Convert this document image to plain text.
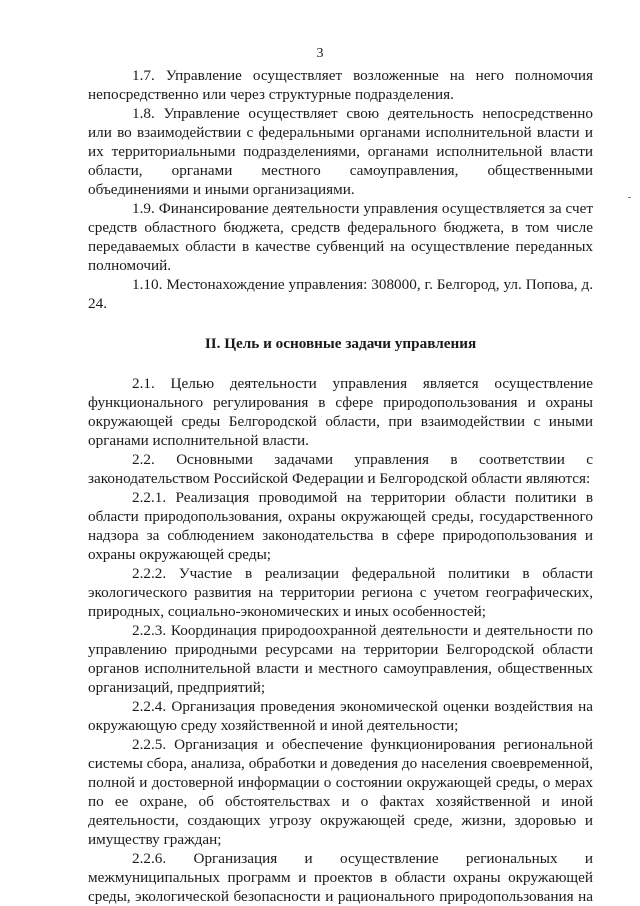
3

1.7. Управление осуществляет возложенные на него полномочия непосредственно или через структурные подразделения.

1.8. Управление осуществляет свою деятельность непосредственно или во взаимодействии с федеральными органами исполнительной власти и их территориальными подразделениями, органами исполнительной власти области, органами местного самоуправления, общественными объединениями и иными организациями.

1.9. Финансирование деятельности управления осуществляется за счет средств областного бюджета, средств федерального бюджета, в том числе передаваемых области в качестве субвенций на осуществление переданных полномочий.

1.10. Местонахождение управления: 308000, г. Белгород, ул. Попова, д. 24.

II. Цель и основные задачи управления

2.1. Целью деятельности управления является осуществление функционального регулирования в сфере природопользования и охраны окружающей среды Белгородской области, при взаимодействии с иными органами исполнительной власти.

2.2. Основными задачами управления в соответствии с законодательством Российской Федерации и Белгородской области являются:

2.2.1. Реализация проводимой на территории области политики в области природопользования, охраны окружающей среды, государственного надзора за соблюдением законодательства в сфере природопользования и охраны окружающей среды;

2.2.2. Участие в реализации федеральной политики в области экологического развития на территории региона с учетом географических, природных, социально-экономических и иных особенностей;

2.2.3. Координация природоохранной деятельности и деятельности по управлению природными ресурсами на территории Белгородской области органов исполнительной власти и местного самоуправления, общественных организаций, предприятий;

2.2.4. Организация проведения экономической оценки воздействия на окружающую среду хозяйственной и иной деятельности;

2.2.5. Организация и обеспечение функционирования региональной системы сбора, анализа, обработки и доведения до населения своевременной, полной и достоверной информации о состоянии окружающей среды, о мерах по ее охране, об обстоятельствах и о фактах хозяйственной и иной деятельности, создающих угрозу окружающей среде, жизни, здоровью и имуществу граждан;

2.2.6. Организация и осуществление региональных и межмуниципальных программ и проектов в области охраны окружающей среды, экологической безопасности и рационального природопользования на
